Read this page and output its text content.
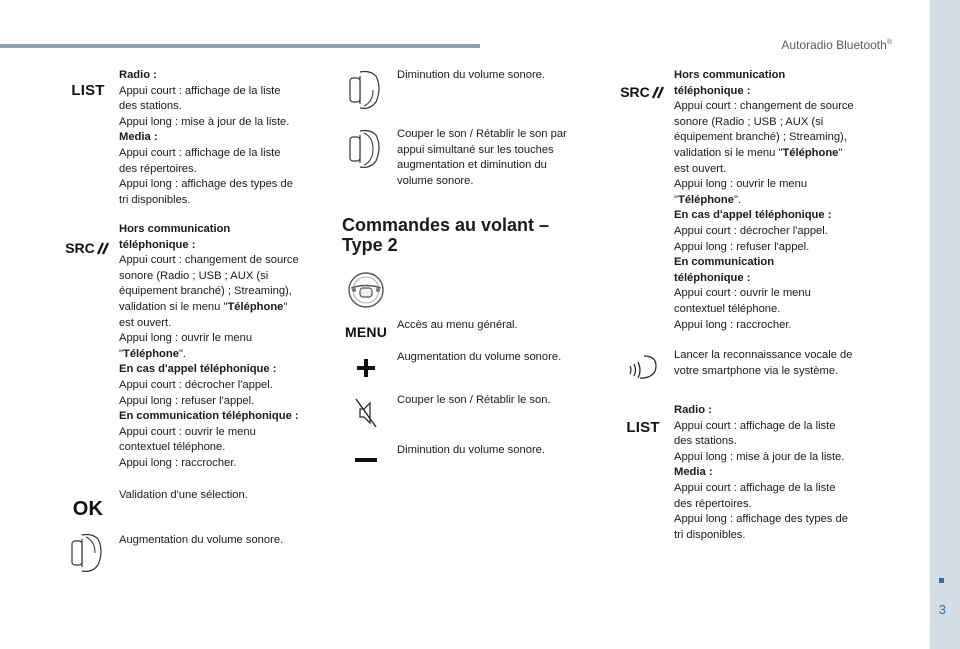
Autoradio Bluetooth®
3
LIST
Radio :
Appui court : affichage de la liste
des stations.
Appui long : mise à jour de la liste.
Media :
Appui court : affichage de la liste
des répertoires.
Appui long : affichage des types de
tri disponibles.
SRC
Hors communication
téléphonique :
Appui court : changement de source
sonore (Radio ; USB ; AUX (si
équipement branché) ; Streaming),
validation si le menu "Téléphone"
est ouvert.
Appui long : ouvrir le menu
"Téléphone".
En cas d'appel téléphonique :
Appui court : décrocher l'appel.
Appui long : refuser l'appel.
En communication téléphonique :
Appui court : ouvrir le menu
contextuel téléphone.
Appui long : raccrocher.
OK
Validation d'une sélection.
Augmentation du volume sonore.
Diminution du volume sonore.
Couper le son / Rétablir le son par
appui simultané sur les touches
augmentation et diminution du
volume sonore.
Commandes au volant –
Type 2
MENU Accès au menu général.
Augmentation du volume sonore.
Couper le son / Rétablir le son.
Diminution du volume sonore.
SRC
Hors communication
téléphonique :
Appui court : changement de source
sonore (Radio ; USB ; AUX (si
équipement branché) ; Streaming),
validation si le menu "Téléphone"
est ouvert.
Appui long : ouvrir le menu
"Téléphone".
En cas d'appel téléphonique :
Appui court : décrocher l'appel.
Appui long : refuser l'appel.
En communication
téléphonique :
Appui court : ouvrir le menu
contextuel téléphone.
Appui long : raccrocher.
Lancer la reconnaissance vocale de
votre smartphone via le système.
LIST
Radio :
Appui court : affichage de la liste
des stations.
Appui long : mise à jour de la liste.
Media :
Appui court : affichage de la liste
des répertoires.
Appui long : affichage des types de
tri disponibles.
